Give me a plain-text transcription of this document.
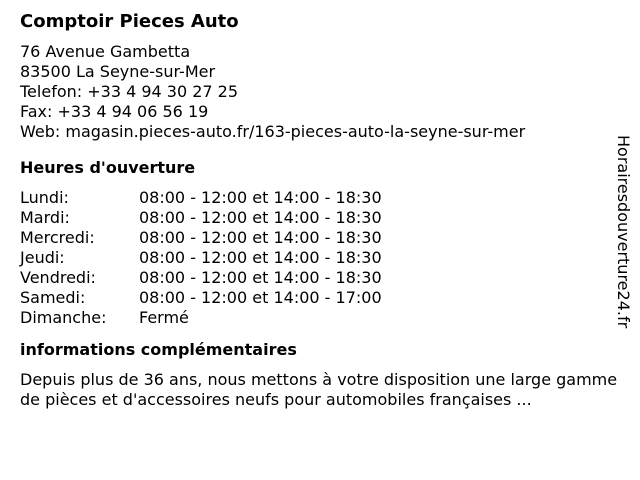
Comptoir Pieces Auto
76 Avenue Gambetta
83500 La Seyne-sur-Mer
Telefon: +33 4 94 30 27 25
Fax: +33 4 94 06 56 19
Web: magasin.pieces-auto.fr/163-pieces-auto-la-seyne-sur-mer
Heures d'ouverture
Lundi:	08:00 - 12:00 et 14:00 - 18:30
Mardi:	08:00 - 12:00 et 14:00 - 18:30
Mercredi:	08:00 - 12:00 et 14:00 - 18:30
Jeudi:	08:00 - 12:00 et 14:00 - 18:30
Vendredi:	08:00 - 12:00 et 14:00 - 18:30
Samedi:	08:00 - 12:00 et 14:00 - 17:00
Dimanche:	Fermé
informations complémentaires

Depuis plus de 36 ans, nous mettons à votre disposition une large gamme de pièces et d'accessoires neufs pour automobiles françaises ...

Horairesdouverture24.fr
